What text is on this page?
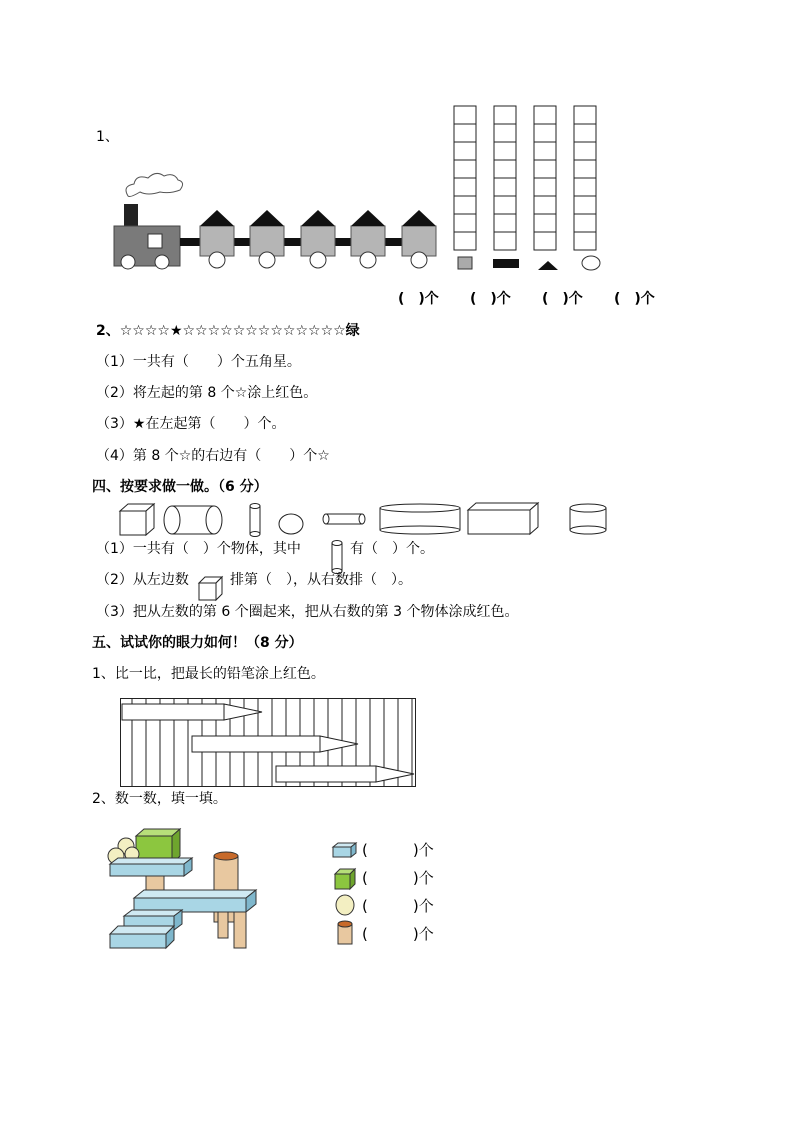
1、
(　)个 (　)个 (　)个 (　)个
2、☆☆☆☆★☆☆☆☆☆☆☆☆☆☆☆☆☆绿
（1）一共有（　　）个五角星。
（2）将左起的第 8 个☆涂上红色。
（3）★在左起第（　　）个。
（4）第 8 个☆的右边有（　　）个☆
四、按要求做一做。（6 分）
（1）一共有（　）个物体，其中	有（　）个。
（2）从左边数	排第（　），从右数排（　）。
（3）把从左数的第 6 个圈起来，把从右数的第 3 个物体涂成红色。
五、试试你的眼力如何！（8 分）
1、比一比，把最长的铅笔涂上红色。
2、数一数，填一填。
(　　　)个
(　　　)个
(　　　)个
(　　　)个
